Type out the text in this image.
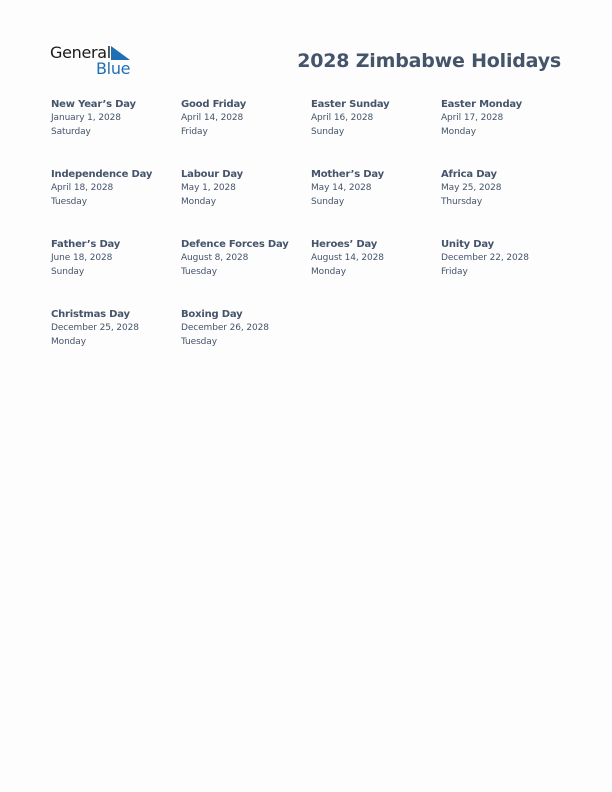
General
Blue	2028 Zimbabwe Holidays
New Year’s Day
January 1, 2028
Saturday
Good Friday
April 14, 2028
Friday
Easter Sunday
April 16, 2028
Sunday
Easter Monday
April 17, 2028
Monday
Independence Day
April 18, 2028
Tuesday
Labour Day
May 1, 2028
Monday
Mother’s Day
May 14, 2028
Sunday
Africa Day
May 25, 2028
Thursday
Father’s Day
June 18, 2028
Sunday
Defence Forces Day
August 8, 2028
Tuesday
Heroes’ Day
August 14, 2028
Monday
Unity Day
December 22, 2028
Friday
Christmas Day
December 25, 2028
Monday
Boxing Day
December 26, 2028
Tuesday
